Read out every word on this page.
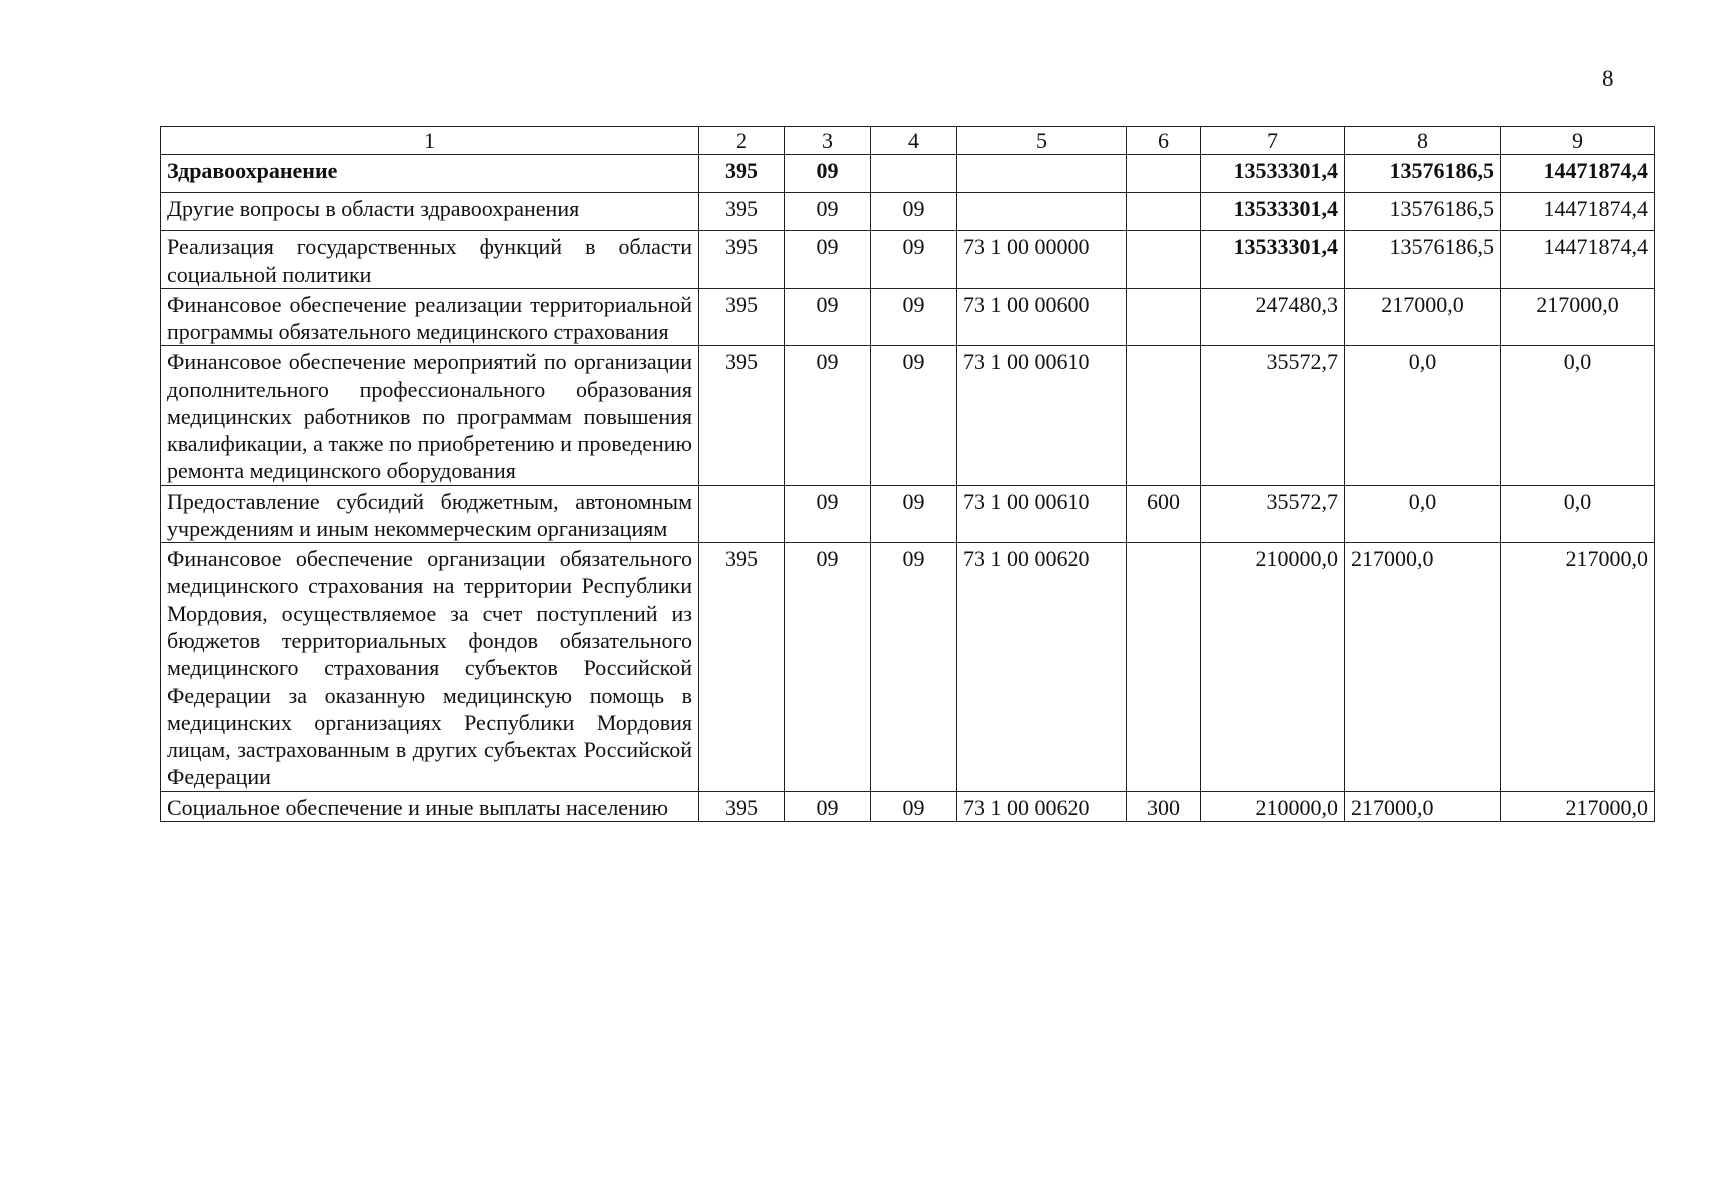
8
1	2	3	4	5	6	7	8	9
Здравоохранение	395	09				13533301,4	13576186,5	14471874,4
Другие вопросы в области здравоохранения	395	09	09			13533301,4	13576186,5	14471874,4
Реализация государственных функций в области социальной политики	395	09	09	73 1 00 00000		13533301,4	13576186,5	14471874,4
Финансовое обеспечение реализации территориальной программы обязательного медицинского страхования	395	09	09	73 1 00 00600		247480,3	217000,0	217000,0
Финансовое обеспечение мероприятий по организации дополнительного профессионального образования медицинских работников по программам повышения квалификации, а также по приобретению и проведению ремонта медицинского оборудования	395	09	09	73 1 00 00610		35572,7	0,0	0,0
Предоставление субсидий бюджетным, автономным учреждениям и иным некоммерческим организациям		09	09	73 1 00 00610	600	35572,7	0,0	0,0
Финансовое обеспечение организации обязательного медицинского страхования на территории Республики Мордовия, осуществляемое за счет поступлений из бюджетов территориальных фондов обязательного медицинского страхования субъектов Российской Федерации за оказанную медицинскую помощь в медицинских организациях Республики Мордовия лицам, застрахованным в других субъектах Российской Федерации	395	09	09	73 1 00 00620		210000,0	217000,0	217000,0
Социальное обеспечение и иные выплаты населению	395	09	09	73 1 00 00620	300	210000,0	217000,0	217000,0
